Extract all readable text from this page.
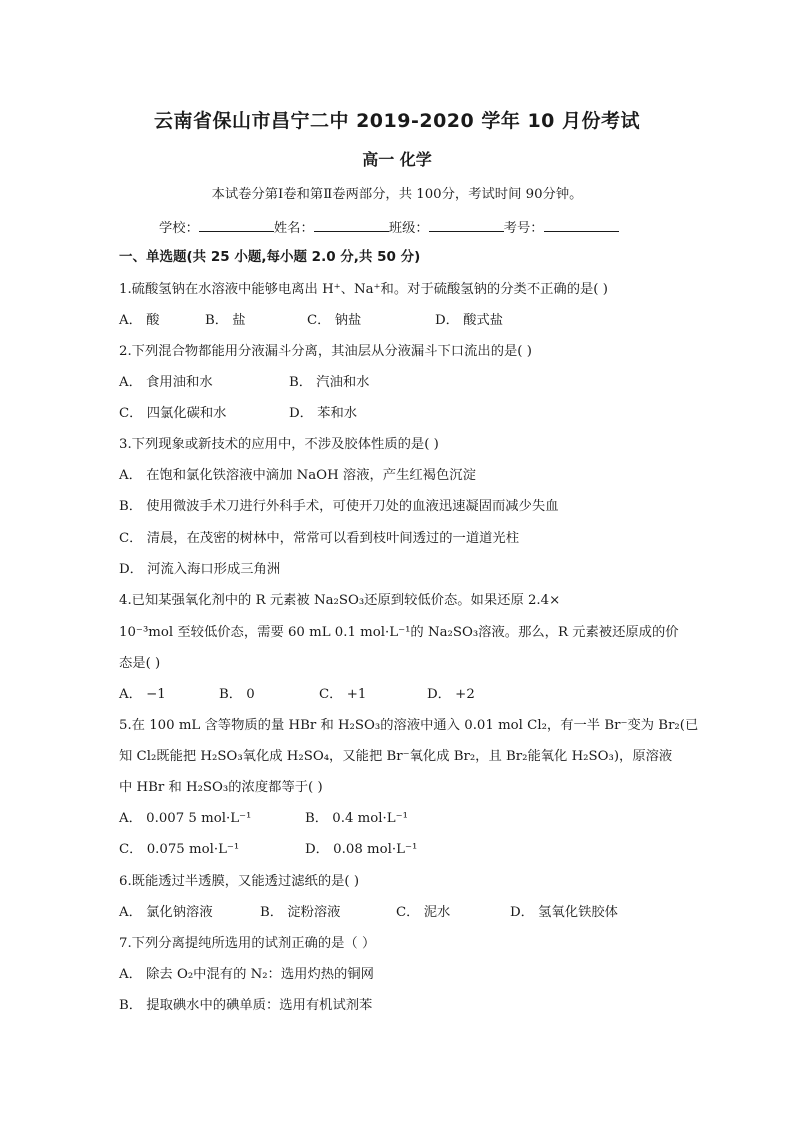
云南省保山市昌宁二中 2019-2020 学年 10 月份考试
高一 化学
本试卷分第Ⅰ卷和第Ⅱ卷两部分，共 100分，考试时间 90分钟。
学校：	姓名：	班级：	考号：
一、单选题(共 25 小题,每小题 2.0 分,共 50 分)
1.硫酸氢钠在水溶液中能够电离出 H⁺、Na⁺和。对于硫酸氢钠的分类不正确的是( )
A． 酸	B． 盐	C． 钠盐	D． 酸式盐
2.下列混合物都能用分液漏斗分离，其油层从分液漏斗下口流出的是( )
A． 食用油和水	B． 汽油和水
C． 四氯化碳和水	D． 苯和水
3.下列现象或新技术的应用中，不涉及胶体性质的是( )
A． 在饱和氯化铁溶液中滴加 NaOH 溶液，产生红褐色沉淀
B． 使用微波手术刀进行外科手术，可使开刀处的血液迅速凝固而减少失血
C． 清晨，在茂密的树林中，常常可以看到枝叶间透过的一道道光柱
D． 河流入海口形成三角洲
4.已知某强氧化剂中的 R 元素被 Na₂SO₃还原到较低价态。如果还原 2.4×
10⁻³mol 至较低价态，需要 60 mL 0.1 mol·L⁻¹的 Na₂SO₃溶液。那么，R 元素被还原成的价
态是( )
A． −1	B． 0	C． +1	D． +2
5.在 100 mL 含等物质的量 HBr 和 H₂SO₃的溶液中通入 0.01 mol Cl₂，有一半 Br⁻变为 Br₂(已
知 Cl₂既能把 H₂SO₃氧化成 H₂SO₄，又能把 Br⁻氧化成 Br₂，且 Br₂能氧化 H₂SO₃)，原溶液
中 HBr 和 H₂SO₃的浓度都等于( )
A． 0.007 5 mol·L⁻¹	B． 0.4 mol·L⁻¹
C． 0.075 mol·L⁻¹	D． 0.08 mol·L⁻¹
6.既能透过半透膜，又能透过滤纸的是( )
A． 氯化钠溶液	B． 淀粉溶液	C． 泥水	D． 氢氧化铁胶体
7.下列分离提纯所选用的试剂正确的是（ ）
A． 除去 O₂中混有的 N₂：选用灼热的铜网
B． 提取碘水中的碘单质：选用有机试剂苯
